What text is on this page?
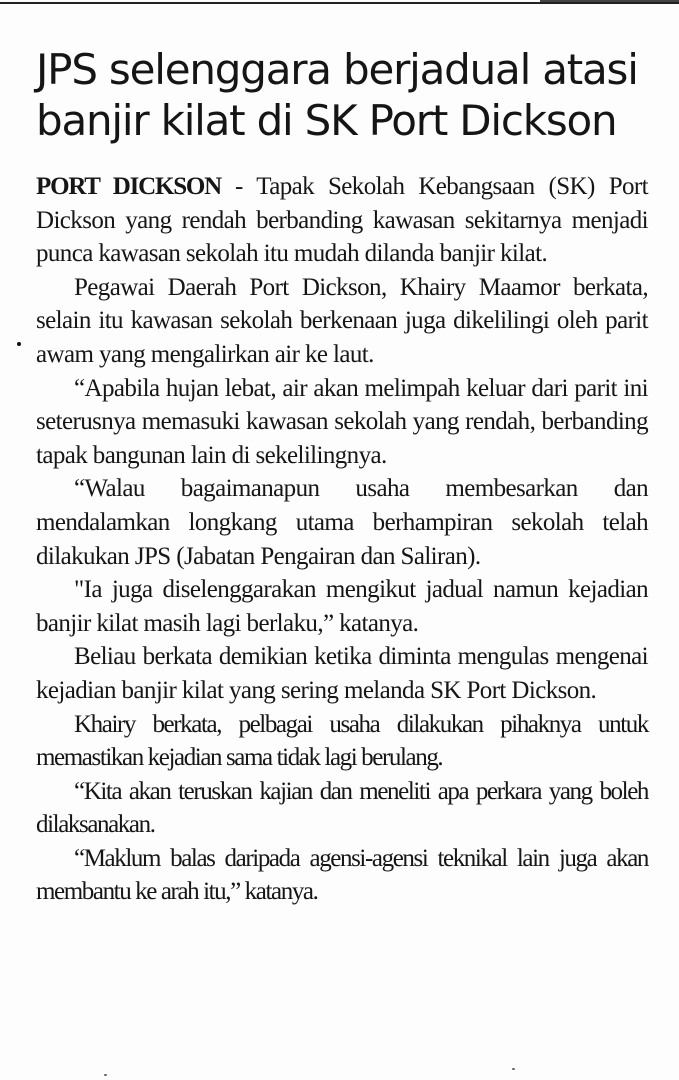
JPS selenggara berjadual atasi banjir kilat di SK Port Dickson

PORT DICKSON - Tapak Sekolah Kebangsaan (SK) Port Dickson yang rendah berbanding kawasan sekitarnya menjadi punca kawasan sekolah itu mudah dilanda banjir kilat.

Pegawai Daerah Port Dickson, Khairy Maamor berkata, selain itu kawasan sekolah berkenaan juga dikelilingi oleh parit awam yang mengalirkan air ke laut.

“Apabila hujan lebat, air akan melimpah keluar dari parit ini seterusnya memasuki kawasan sekolah yang rendah, berbanding tapak bangunan lain di sekelilingnya.

“Walau bagaimanapun usaha membesarkan dan mendalamkan longkang utama berhampiran sekolah telah dilakukan JPS (Jabatan Pengairan dan Saliran).

"Ia juga diselenggarakan mengikut jadual namun kejadian banjir kilat masih lagi berlaku,” katanya.

Beliau berkata demikian ketika diminta mengulas mengenai kejadian banjir kilat yang sering melanda SK Port Dickson.

Khairy berkata, pelbagai usaha dilakukan pihaknya untuk memastikan kejadian sama tidak lagi berulang.

“Kita akan teruskan kajian dan meneliti apa perkara yang boleh dilaksanakan.

“Maklum balas daripada agensi-agensi teknikal lain juga akan membantu ke arah itu,” katanya.
